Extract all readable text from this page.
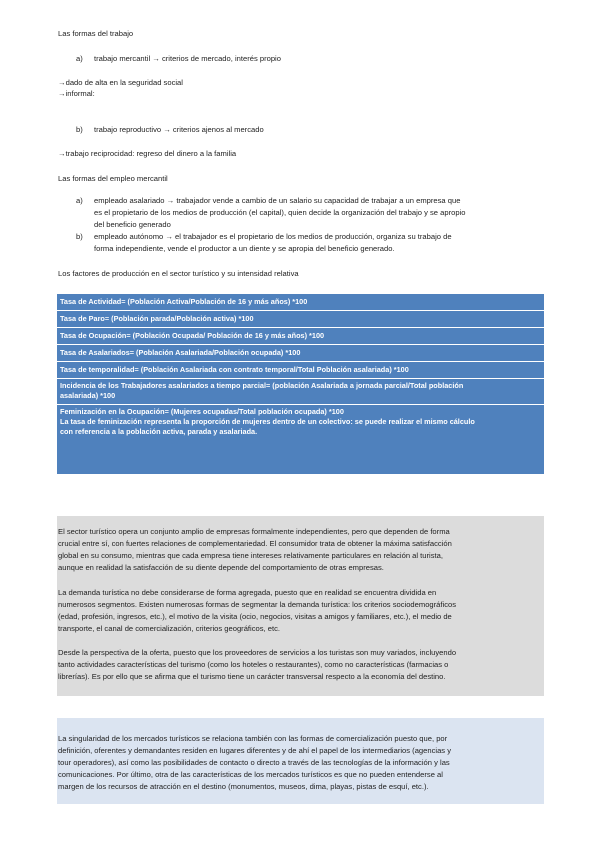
Las formas del trabajo
a) trabajo mercantil → criterios de mercado, interés propio
→dado de alta en la seguridad social
→informal:
b) trabajo reproductivo → criterios ajenos al mercado
→trabajo reciprocidad: regreso del dinero a la familia
Las formas del empleo mercantil
a) empleado asalariado → trabajador vende a cambio de un salario su capacidad de trabajar a un empresa que
es el propietario de los medios de producción (el capital), quien decide la organización del trabajo y se apropio
del beneficio generado
b) empleado autónomo → el trabajador es el propietario de los medios de producción, organiza su trabajo de
forma independiente, vende el productor a un diente y se apropia del beneficio generado.
Los factores de producción en el sector turístico y su intensidad relativa
Tasa de Actividad= (Población Activa/Población de 16 y más años) *100
Tasa de Paro= (Población parada/Población activa) *100
Tasa de Ocupación= (Población Ocupada/ Población de 16 y más años) *100
Tasa de Asalariados= (Población Asalariada/Población ocupada) *100
Tasa de temporalidad= (Población Asalariada con contrato temporal/Total Población asalariada) *100
Incidencia de los Trabajadores asalariados a tiempo parcial= (población Asalariada a jornada parcial/Total población
asalariada) *100
Feminización en la Ocupación= (Mujeres ocupadas/Total población ocupada) *100
La tasa de feminización representa la proporción de mujeres dentro de un colectivo: se puede realizar el mismo cálculo
con referencia a la población activa, parada y asalariada.
El sector turístico opera un conjunto amplio de empresas formalmente independientes, pero que dependen de forma
crucial entre sí, con fuertes relaciones de complementariedad. El consumidor trata de obtener la máxima satisfacción
global en su consumo, mientras que cada empresa tiene intereses relativamente particulares en relación al turista,
aunque en realidad la satisfacción de su diente depende del comportamiento de otras empresas.
La demanda turística no debe considerarse de forma agregada, puesto que en realidad se encuentra dividida en
numerosos segmentos. Existen numerosas formas de segmentar la demanda turística: los criterios sociodemográficos
(edad, profesión, ingresos, etc.), el motivo de la visita (ocio, negocios, visitas a amigos y familiares, etc.), el medio de
transporte, el canal de comercialización, criterios geográficos, etc.
Desde la perspectiva de la oferta, puesto que los proveedores de servicios a los turistas son muy variados, incluyendo
tanto actividades características del turismo (como los hoteles o restaurantes), como no características (farmacias o
librerías). Es por ello que se afirma que el turismo tiene un carácter transversal respecto a la economía del destino.
La singularidad de los mercados turísticos se relaciona también con las formas de comercialización puesto que, por
definición, oferentes y demandantes residen en lugares diferentes y de ahí el papel de los intermediarios (agencias y
tour operadores), así como las posibilidades de contacto o directo a través de las tecnologías de la información y las
comunicaciones. Por último, otra de las características de los mercados turísticos es que no pueden entenderse al
margen de los recursos de atracción en el destino (monumentos, museos, dima, playas, pistas de esquí, etc.).
